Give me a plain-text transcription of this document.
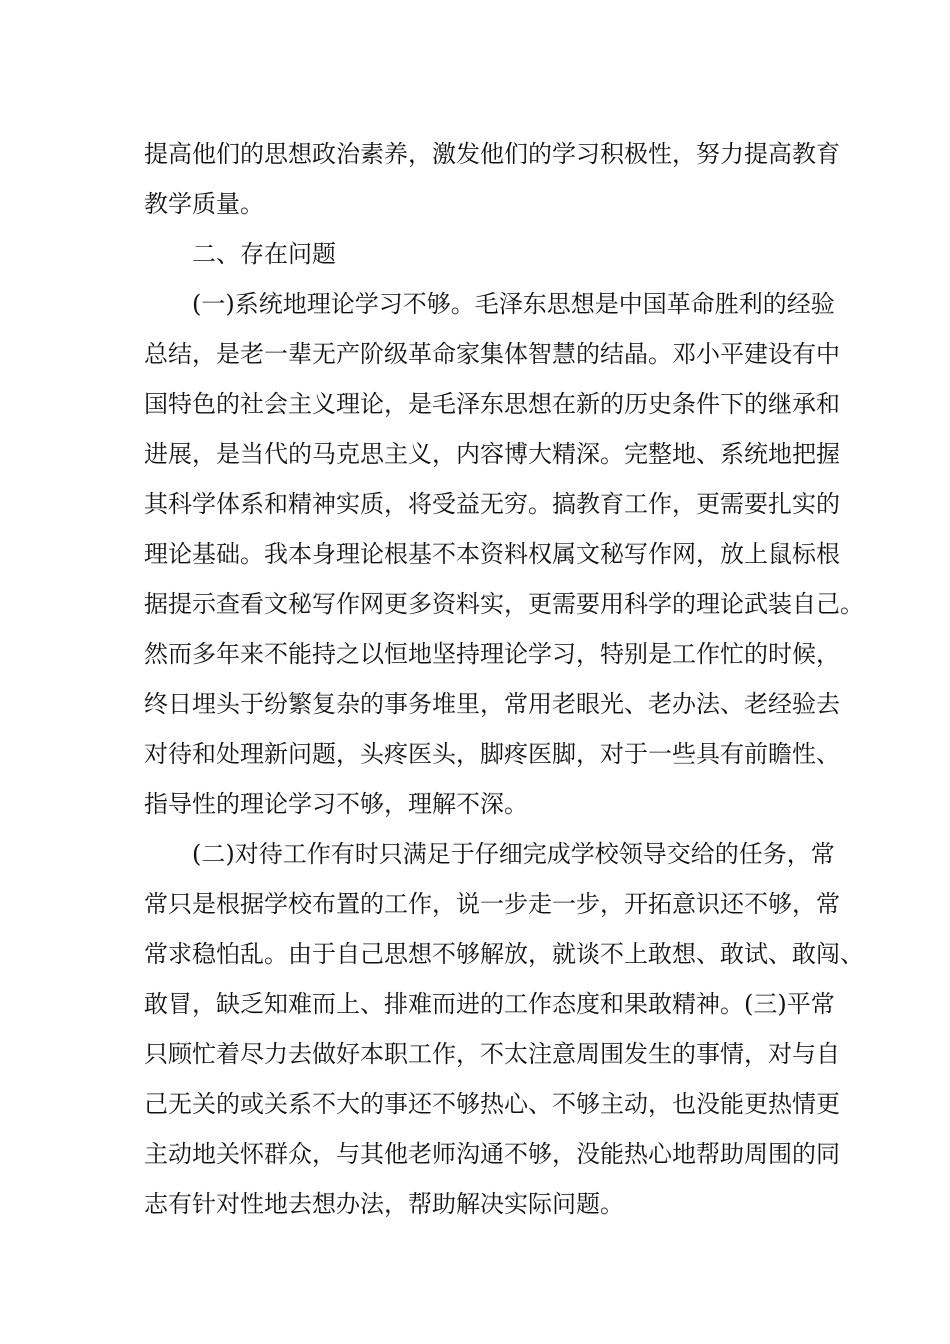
提高他们的思想政治素养，激发他们的学习积极性，努力提高教育
教学质量。
二、存在问题
(一)系统地理论学习不够。毛泽东思想是中国革命胜利的经验
总结，是老一辈无产阶级革命家集体智慧的结晶。邓小平建设有中
国特色的社会主义理论，是毛泽东思想在新的历史条件下的继承和
进展，是当代的马克思主义，内容博大精深。完整地、系统地把握
其科学体系和精神实质，将受益无穷。搞教育工作，更需要扎实的
理论基础。我本身理论根基不本资料权属文秘写作网，放上鼠标根
据提示查看文秘写作网更多资料实，更需要用科学的理论武装自己。
然而多年来不能持之以恒地坚持理论学习，特别是工作忙的时候，
终日埋头于纷繁复杂的事务堆里，常用老眼光、老办法、老经验去
对待和处理新问题，头疼医头，脚疼医脚，对于一些具有前瞻性、
指导性的理论学习不够，理解不深。
(二)对待工作有时只满足于仔细完成学校领导交给的任务，常
常只是根据学校布置的工作，说一步走一步，开拓意识还不够，常
常求稳怕乱。由于自己思想不够解放，就谈不上敢想、敢试、敢闯、
敢冒，缺乏知难而上、排难而进的工作态度和果敢精神。(三)平常
只顾忙着尽力去做好本职工作，不太注意周围发生的事情，对与自
己无关的或关系不大的事还不够热心、不够主动，也没能更热情更
主动地关怀群众，与其他老师沟通不够，没能热心地帮助周围的同
志有针对性地去想办法，帮助解决实际问题。
